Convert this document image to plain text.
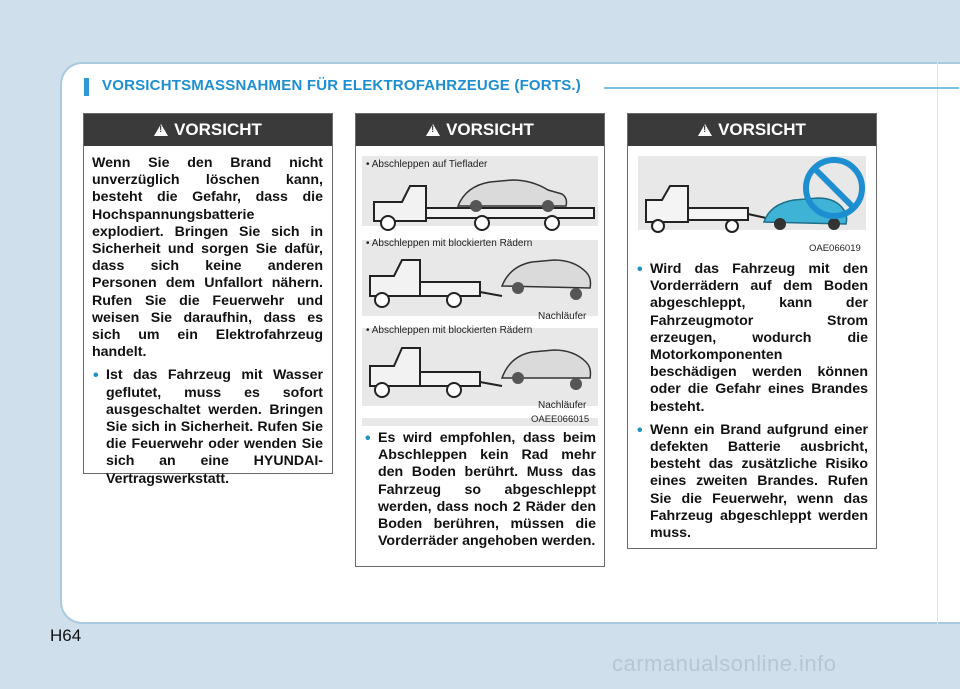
VORSICHTSMASSNAHMEN FÜR ELEKTROFAHRZEUGE (FORTS.)
!
VORSICHT
Wenn Sie den Brand nicht unverzüglich löschen kann, besteht die Gefahr, dass die Hochspannungsbatterie explodiert. Bringen Sie sich in Sicherheit und sorgen Sie dafür, dass sich keine anderen Personen dem Unfallort nähern. Rufen Sie die Feuerwehr und weisen Sie daraufhin, dass es sich um ein Elektrofahrzeug handelt.
• Ist das Fahrzeug mit Wasser geflutet, muss es sofort ausgeschaltet werden. Bringen Sie sich in Sicherheit. Rufen Sie die Feuerwehr oder wenden Sie sich an eine HYUNDAI-Vertragswerkstatt.
!
VORSICHT
• Abschleppen auf Tieflader
• Abschleppen mit blockierten Rädern
• Abschleppen mit blockierten Rädern
Nachläufer
Nachläufer
OAEE066015
• Es wird empfohlen, dass beim Abschleppen kein Rad mehr den Boden berührt. Muss das Fahrzeug so abgeschleppt werden, dass noch 2 Räder den Boden berühren, müssen die Vorderräder angehoben werden.
!
VORSICHT
OAE066019
• Wird das Fahrzeug mit den Vorderrädern auf dem Boden abgeschleppt, kann der Fahrzeugmotor Strom erzeugen, wodurch die Motorkomponenten beschädigen werden können oder die Gefahr eines Brandes besteht.
• Wenn ein Brand aufgrund einer defekten Batterie ausbricht, besteht das zusätzliche Risiko eines zweiten Brandes. Rufen Sie die Feuerwehr, wenn das Fahrzeug abgeschleppt werden muss.
H64
carmanualsonline.info
